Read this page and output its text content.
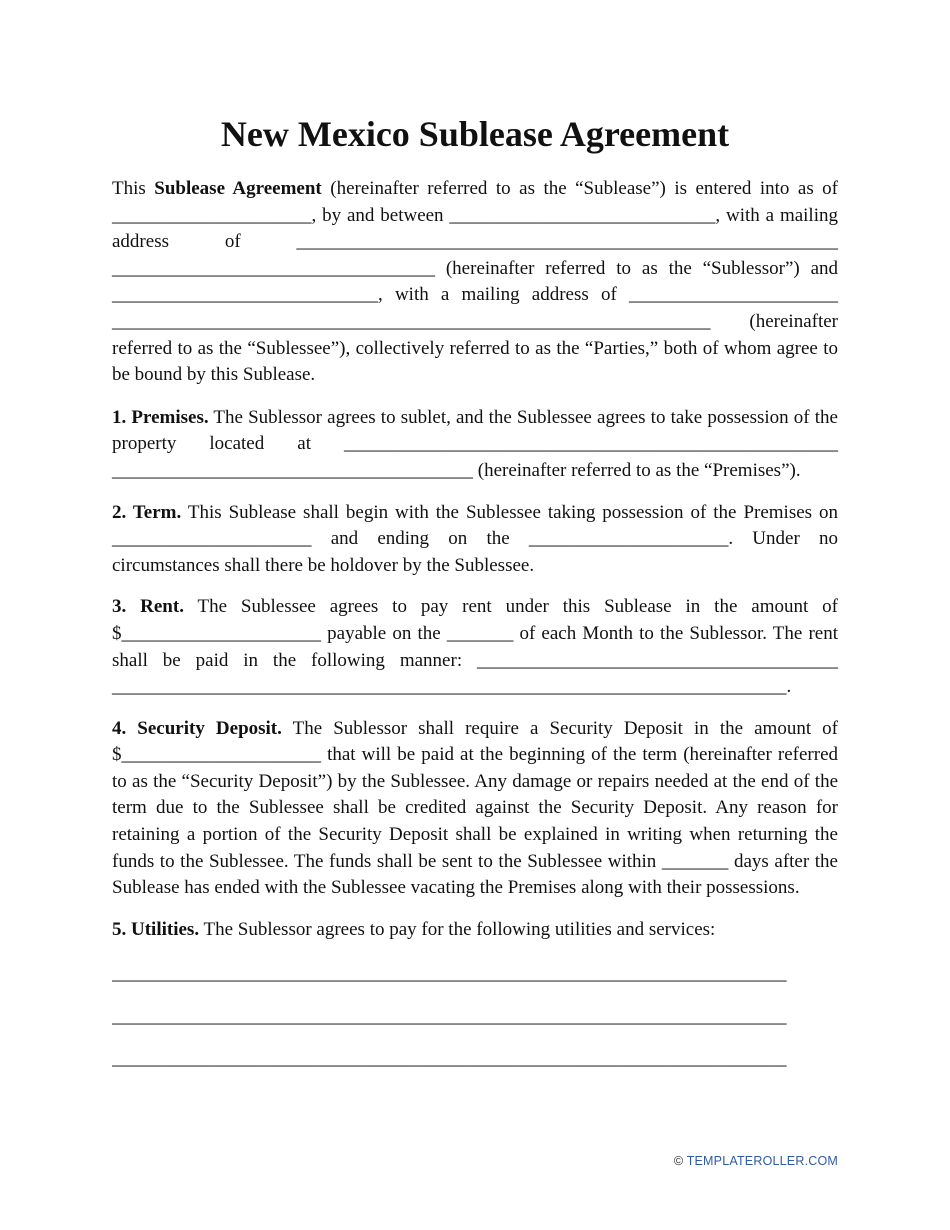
New Mexico Sublease Agreement

This Sublease Agreement (hereinafter referred to as the “Sublease”) is entered into as of _____________________, by and between ____________________________, with a mailing address of _________________________________________________________ __________________________________ (hereinafter referred to as the “Sublessor”) and ____________________________, with a mailing address of ______________________ _______________________________________________________________ (hereinafter referred to as the “Sublessee”), collectively referred to as the “Parties,” both of whom agree to be bound by this Sublease.

1. Premises. The Sublessor agrees to sublet, and the Sublessee agrees to take possession of the property located at ____________________________________________________ ______________________________________ (hereinafter referred to as the “Premises”).

2. Term. This Sublease shall begin with the Sublessee taking possession of the Premises on _____________________ and ending on the _____________________. Under no circumstances shall there be holdover by the Sublessee.

3. Rent. The Sublessee agrees to pay rent under this Sublease in the amount of $_____________________ payable on the _______ of each Month to the Sublessor. The rent shall be paid in the following manner: ______________________________________ _______________________________________________________________________.

4. Security Deposit. The Sublessor shall require a Security Deposit in the amount of $_____________________ that will be paid at the beginning of the term (hereinafter referred to as the “Security Deposit”) by the Sublessee. Any damage or repairs needed at the end of the term due to the Sublessee shall be credited against the Security Deposit. Any reason for retaining a portion of the Security Deposit shall be explained in writing when returning the funds to the Sublessee. The funds shall be sent to the Sublessee within _______ days after the Sublease has ended with the Sublessee vacating the Premises along with their possessions.

5. Utilities. The Sublessor agrees to pay for the following utilities and services:

_______________________________________________________________________
_______________________________________________________________________
_______________________________________________________________________
© TEMPLATEROLLER.COM
